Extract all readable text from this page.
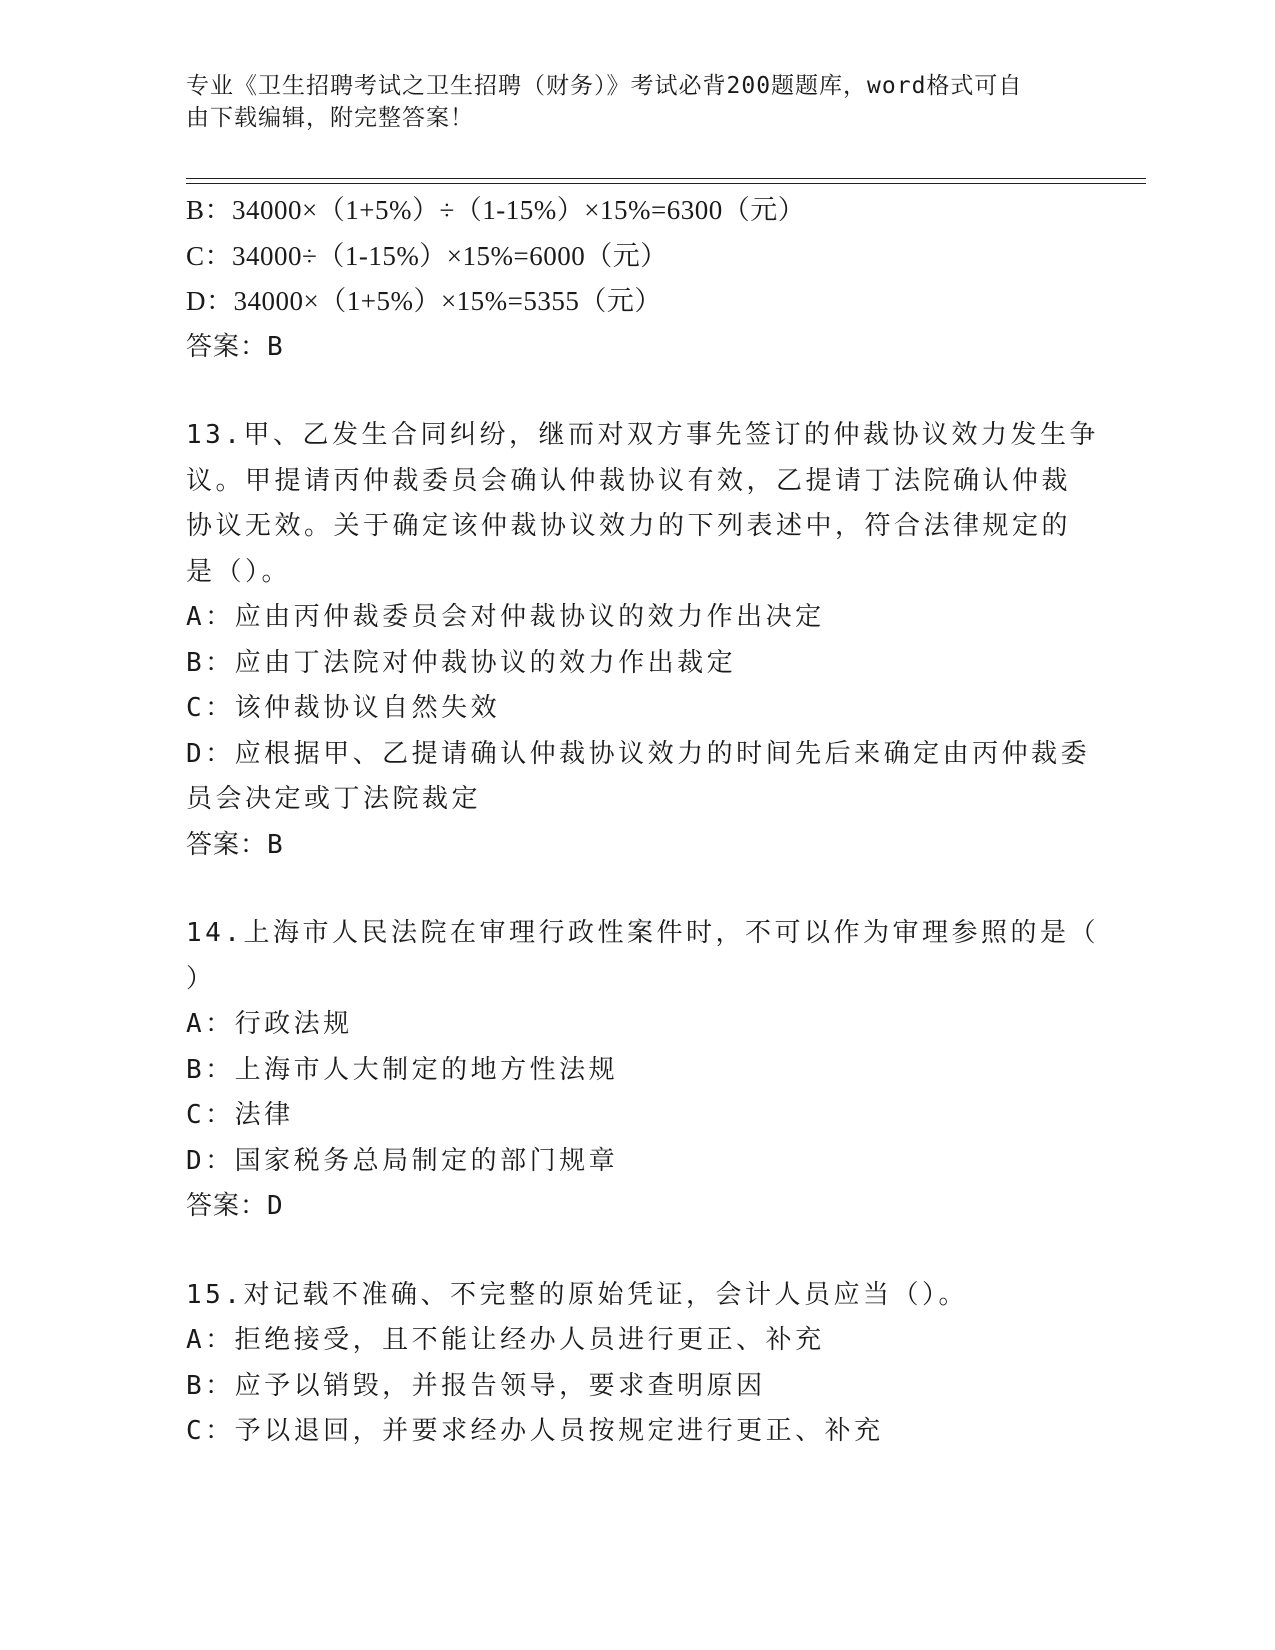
专业《卫生招聘考试之卫生招聘（财务）》考试必背200题题库，word格式可自
由下载编辑，附完整答案！
B：34000×（1+5%）÷（1-15%）×15%=6300（元）
C：34000÷（1-15%）×15%=6000（元）
D：34000×（1+5%）×15%=5355（元）
答案：B
13.甲、乙发生合同纠纷，继而对双方事先签订的仲裁协议效力发生争
议。甲提请丙仲裁委员会确认仲裁协议有效，乙提请丁法院确认仲裁
协议无效。关于确定该仲裁协议效力的下列表述中，符合法律规定的
是（）。
A：应由丙仲裁委员会对仲裁协议的效力作出决定
B：应由丁法院对仲裁协议的效力作出裁定
C：该仲裁协议自然失效
D：应根据甲、乙提请确认仲裁协议效力的时间先后来确定由丙仲裁委
员会决定或丁法院裁定
答案：B
14.上海市人民法院在审理行政性案件时，不可以作为审理参照的是（
）
A：行政法规
B：上海市人大制定的地方性法规
C：法律
D：国家税务总局制定的部门规章
答案：D
15.对记载不准确、不完整的原始凭证，会计人员应当（）。
A：拒绝接受，且不能让经办人员进行更正、补充
B：应予以销毁，并报告领导，要求查明原因
C：予以退回，并要求经办人员按规定进行更正、补充
